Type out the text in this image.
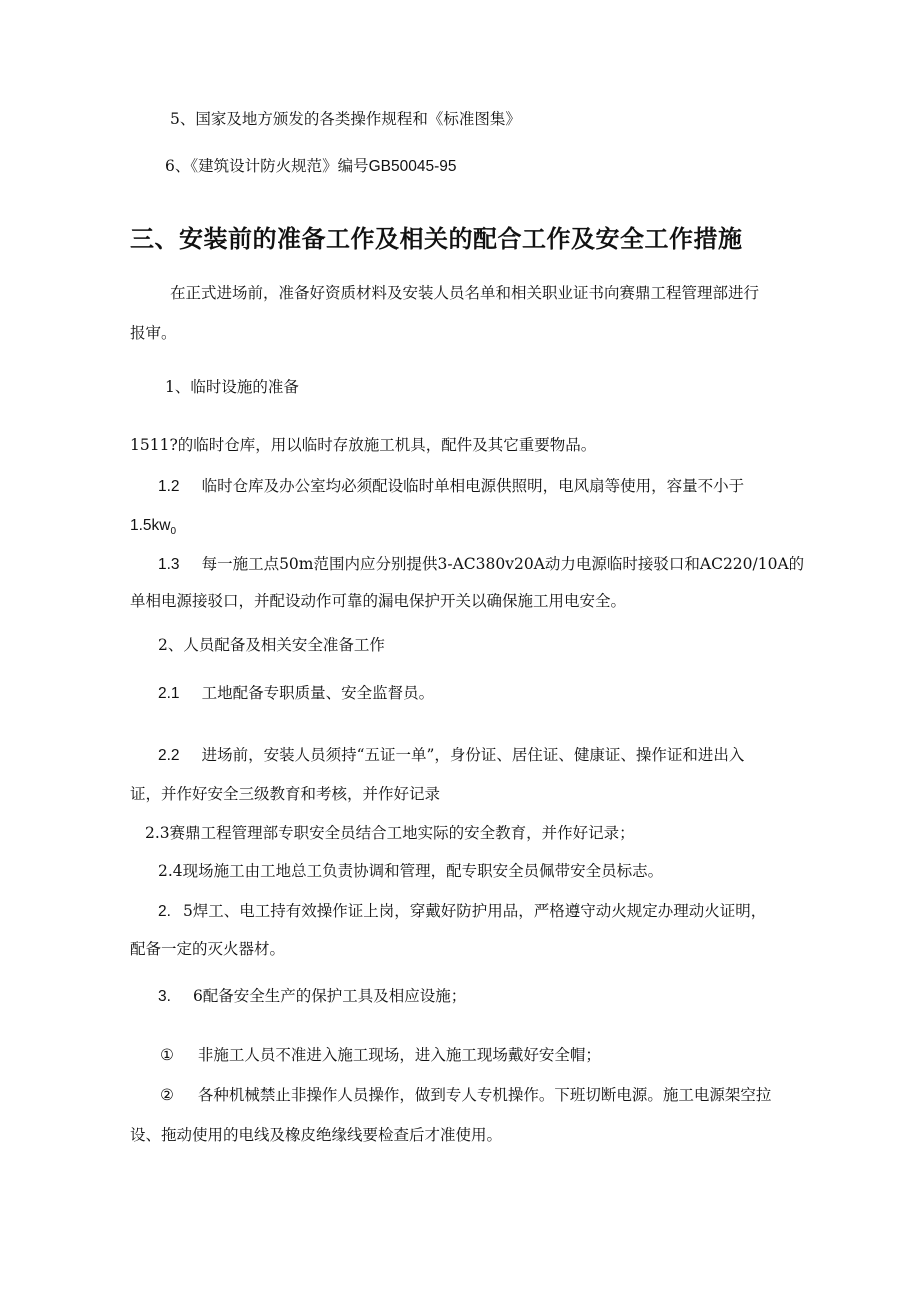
5、国家及地方颁发的各类操作规程和《标准图集》

6、《建筑设计防火规范》编号GB50045-95

三、安装前的准备工作及相关的配合工作及安全工作措施

在正式进场前，准备好资质材料及安装人员名单和相关职业证书向赛鼎工程管理部进行

报审。

1、临时设施的准备

1511?的临时仓库，用以临时存放施工机具，配件及其它重要物品。

1.2 临时仓库及办公室均必须配设临时单相电源供照明，电风扇等使用，容量不小于

$1.5kw_0$

1.3 每一施工点50m范围内应分别提供3-AC380v20A动力电源临时接驳口和AC220/10A的

单相电源接驳口，并配设动作可靠的漏电保护开关以确保施工用电安全。

2、人员配备及相关安全准备工作

2.1 工地配备专职质量、安全监督员。

2.2 进场前，安装人员须持“五证一单”，身份证、居住证、健康证、操作证和进出入

证，并作好安全三级教育和考核，并作好记录

2.3赛鼎工程管理部专职安全员结合工地实际的安全教育，并作好记录；

2.4现场施工由工地总工负责协调和管理，配专职安全员佩带安全员标志。

2. 5焊工、电工持有效操作证上岗，穿戴好防护用品，严格遵守动火规定办理动火证明，

配备一定的灭火器材。

3. 6配备安全生产的保护工具及相应设施；

① 非施工人员不准进入施工现场，进入施工现场戴好安全帽；

② 各种机械禁止非操作人员操作，做到专人专机操作。下班切断电源。施工电源架空拉

设、拖动使用的电线及橡皮绝缘线要检查后才准使用。
